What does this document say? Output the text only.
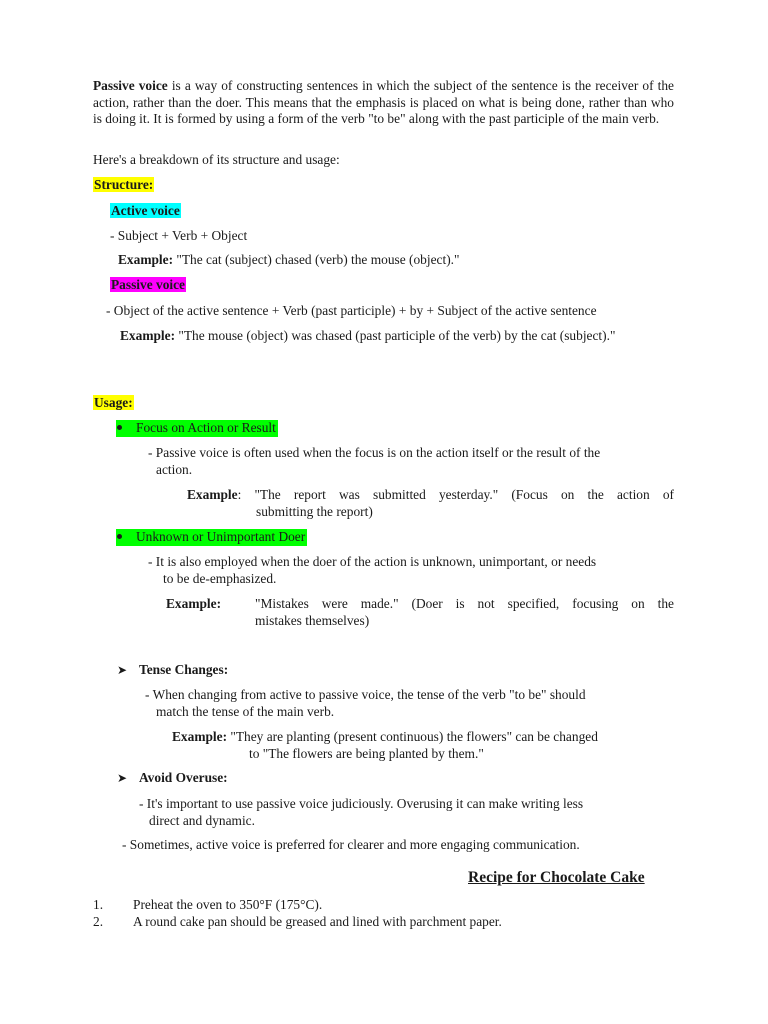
Passive voice is a way of constructing sentences in which the subject of the sentence is the receiver of the action, rather than the doer. This means that the emphasis is placed on what is being done, rather than who is doing it. It is formed by using a form of the verb "to be" along with the past participle of the main verb.
Here's a breakdown of its structure and usage:
Structure:
Active voice
- Subject + Verb + Object
Example: "The cat (subject) chased (verb) the mouse (object)."
Passive voice
- Object of the active sentence + Verb (past participle) + by + Subject of the active sentence
Example: "The mouse (object) was chased (past participle of the verb) by the cat (subject)."
Usage:
Focus on Action or Result
- Passive voice is often used when the focus is on the action itself or the result of the
action.
Example: "The report was submitted yesterday." (Focus on the action of
submitting the report)
Unknown or Unimportant Doer
- It is also employed when the doer of the action is unknown, unimportant, or needs
to be de-emphasized.
Example:	"Mistakes were made." (Doer is not specified, focusing on the
mistakes themselves)
➤ Tense Changes:
- When changing from active to passive voice, the tense of the verb "to be" should
match the tense of the main verb.
Example: "They are planting (present continuous) the flowers" can be changed
to "The flowers are being planted by them."
➤ Avoid Overuse:
- It's important to use passive voice judiciously. Overusing it can make writing less
direct and dynamic.
- Sometimes, active voice is preferred for clearer and more engaging communication.
Recipe for Chocolate Cake
1. Preheat the oven to 350°F (175°C).
2. A round cake pan should be greased and lined with parchment paper.
